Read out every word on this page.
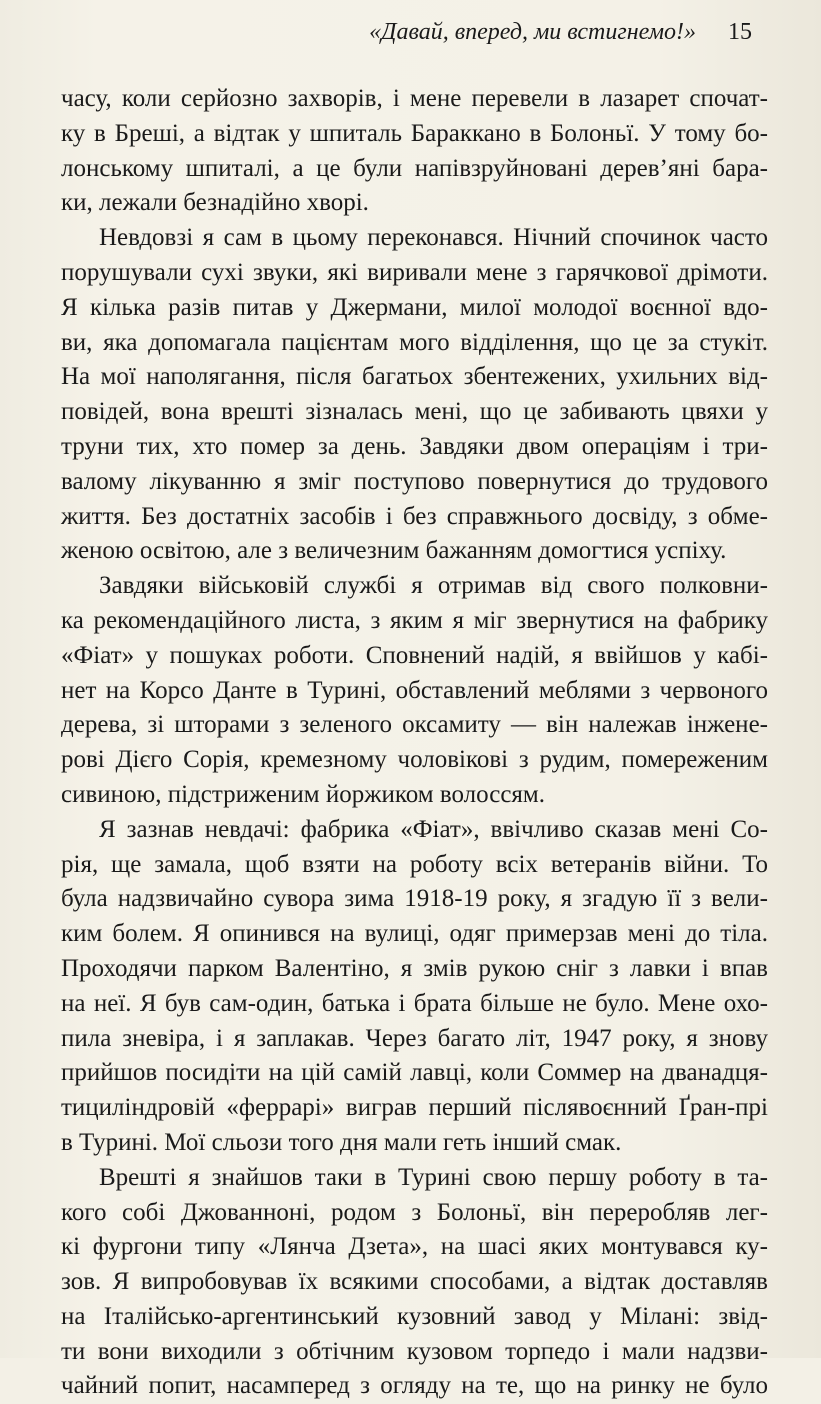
«Давай, вперед, ми встигнемо!» 15

часу, коли серйозно захворів, і мене перевели в лазарет спочат-
ку в Бреші, а відтак у шпиталь Бараккано в Болоньї. У тому бо-
лонському шпиталі, а це були напівзруйновані дерев’яні бара-
ки, лежали безнадійно хворі.

Невдовзі я сам в цьому переконався. Нічний спочинок часто
порушували сухі звуки, які виривали мене з гарячкової дрімоти.
Я кілька разів питав у Джермани, милої молодої воєнної вдо-
ви, яка допомагала пацієнтам мого відділення, що це за стукіт.
На мої наполягання, після багатьох збентежених, ухильних від-
повідей, вона врешті зізналась мені, що це забивають цвяхи у
труни тих, хто помер за день. Завдяки двом операціям і три-
валому лікуванню я зміг поступово повернутися до трудового
життя. Без достатніх засобів і без справжнього досвіду, з обме-
женою освітою, але з величезним бажанням домогтися успіху.

Завдяки військовій службі я отримав від свого полковни-
ка рекомендаційного листа, з яким я міг звернутися на фабрику
«Фіат» у пошуках роботи. Сповнений надій, я ввійшов у кабі-
нет на Корсо Данте в Турині, обставлений меблями з червоного
дерева, зі шторами з зеленого оксамиту — він належав інжене-
рові Дієго Сорія, кремезному чоловікові з рудим, помереженим
сивиною, підстриженим йоржиком волоссям.

Я зазнав невдачі: фабрика «Фіат», ввічливо сказав мені Со-
рія, ще замала, щоб взяти на роботу всіх ветеранів війни. То
була надзвичайно сувора зима 1918-19 року, я згадую її з вели-
ким болем. Я опинився на вулиці, одяг примерзав мені до тіла.
Проходячи парком Валентіно, я змів рукою сніг з лавки і впав
на неї. Я був сам-один, батька і брата більше не було. Мене охо-
пила зневіра, і я заплакав. Через багато літ, 1947 року, я знову
прийшов посидіти на цій самій лавці, коли Соммер на дванадця-
тициліндровій «феррарі» виграв перший післявоєнний Ґран-прі
в Турині. Мої сльози того дня мали геть інший смак.

Врешті я знайшов таки в Турині свою першу роботу в та-
кого собі Джованноні, родом з Болоньї, він переробляв лег-
кі фургони типу «Лянча Дзета», на шасі яких монтувався ку-
зов. Я випробовував їх всякими способами, а відтак доставляв
на Італійсько-аргентинський кузовний завод у Мілані: звід-
ти вони виходили з обтічним кузовом торпедо і мали надзви-
чайний попит, насамперед з огляду на те, що на ринку не було
